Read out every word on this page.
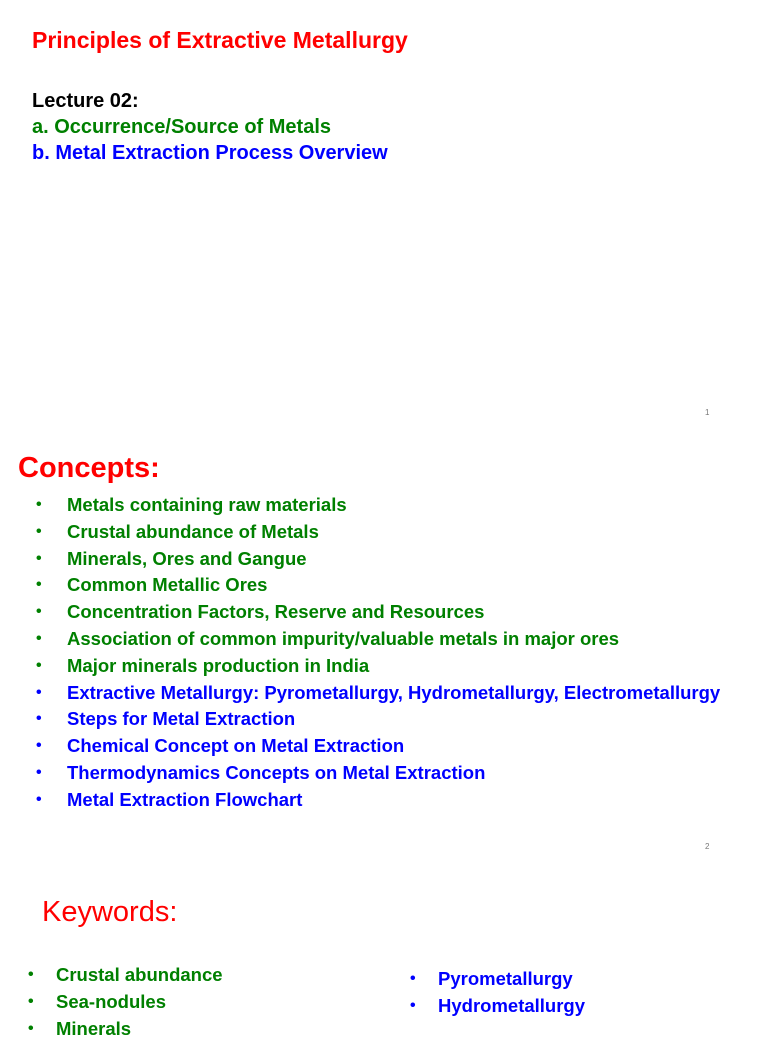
Principles of Extractive Metallurgy
Lecture 02:
a. Occurrence/Source of Metals
b. Metal Extraction Process Overview
1
Concepts:
•	Metals containing raw materials
•	Crustal abundance of Metals
•	Minerals, Ores and Gangue
•	Common Metallic Ores
•	Concentration Factors, Reserve and Resources
•	Association of common impurity/valuable metals in major ores
•	Major minerals production in India
•	Extractive Metallurgy: Pyrometallurgy, Hydrometallurgy, Electrometallurgy
•	Steps for Metal Extraction
•	Chemical Concept on Metal Extraction
•	Thermodynamics Concepts on Metal Extraction
•	Metal Extraction Flowchart
2
Keywords:
•	Crustal abundance
•	Sea-nodules
•	Minerals
•	Pyrometallurgy
•	Hydrometallurgy
